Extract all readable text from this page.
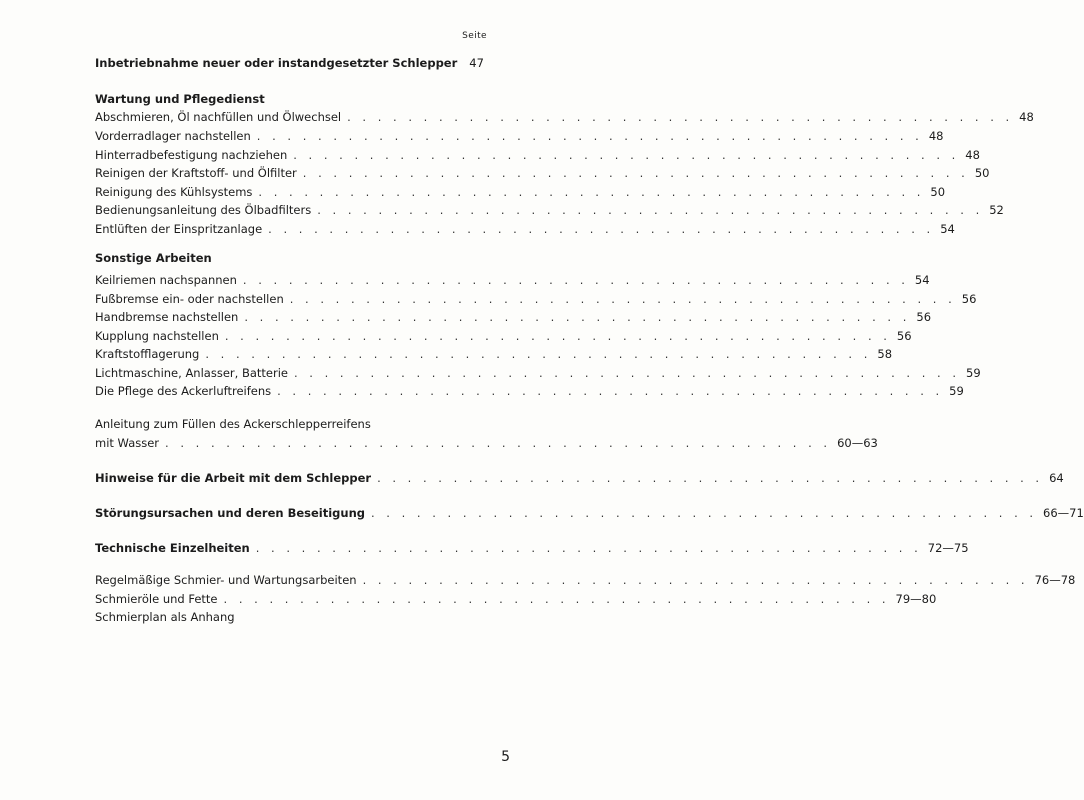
Seite
Inbetriebnahme neuer oder instandgesetzter Schlepper 47
Wartung und Pflegedienst
Abschmieren, Öl nachfüllen und Ölwechsel . . . . . . . . . . . . . . . . . . . . . . . . . . . . . . . . . . . . . . . . . . . . 48
Vorderradlager nachstellen . . . . . . . . . . . . . . . . . . . . . . . . . . . . . . . . . . . . . . . . . . . . 48
Hinterradbefestigung nachziehen . . . . . . . . . . . . . . . . . . . . . . . . . . . . . . . . . . . . . . . . . . . . 48
Reinigen der Kraftstoff- und Ölfilter . . . . . . . . . . . . . . . . . . . . . . . . . . . . . . . . . . . . . . . . . . . . 50
Reinigung des Kühlsystems . . . . . . . . . . . . . . . . . . . . . . . . . . . . . . . . . . . . . . . . . . . . 50
Bedienungsanleitung des Ölbadfilters . . . . . . . . . . . . . . . . . . . . . . . . . . . . . . . . . . . . . . . . . . . . 52
Entlüften der Einspritzanlage . . . . . . . . . . . . . . . . . . . . . . . . . . . . . . . . . . . . . . . . . . . . 54
Sonstige Arbeiten
Keilriemen nachspannen . . . . . . . . . . . . . . . . . . . . . . . . . . . . . . . . . . . . . . . . . . . . 54
Fußbremse ein- oder nachstellen . . . . . . . . . . . . . . . . . . . . . . . . . . . . . . . . . . . . . . . . . . . . 56
Handbremse nachstellen . . . . . . . . . . . . . . . . . . . . . . . . . . . . . . . . . . . . . . . . . . . . 56
Kupplung nachstellen . . . . . . . . . . . . . . . . . . . . . . . . . . . . . . . . . . . . . . . . . . . . 56
Kraftstofflagerung . . . . . . . . . . . . . . . . . . . . . . . . . . . . . . . . . . . . . . . . . . . . 58
Lichtmaschine, Anlasser, Batterie . . . . . . . . . . . . . . . . . . . . . . . . . . . . . . . . . . . . . . . . . . . . 59
Die Pflege des Ackerluftreifens . . . . . . . . . . . . . . . . . . . . . . . . . . . . . . . . . . . . . . . . . . . . 59
Anleitung zum Füllen des Ackerschlepperreifens
mit Wasser . . . . . . . . . . . . . . . . . . . . . . . . . . . . . . . . . . . . . . . . . . . . 60—63
Hinweise für die Arbeit mit dem Schlepper . . . . . . . . . . . . . . . . . . . . . . . . . . . . . . . . . . . . . . . . . . . . 64
Störungsursachen und deren Beseitigung . . . . . . . . . . . . . . . . . . . . . . . . . . . . . . . . . . . . . . . . . . . . 66—71
Technische Einzelheiten . . . . . . . . . . . . . . . . . . . . . . . . . . . . . . . . . . . . . . . . . . . . 72—75
Regelmäßige Schmier- und Wartungsarbeiten . . . . . . . . . . . . . . . . . . . . . . . . . . . . . . . . . . . . . . . . . . . . 76—78
Schmieröle und Fette . . . . . . . . . . . . . . . . . . . . . . . . . . . . . . . . . . . . . . . . . . . . 79—80
Schmierplan als Anhang
5
